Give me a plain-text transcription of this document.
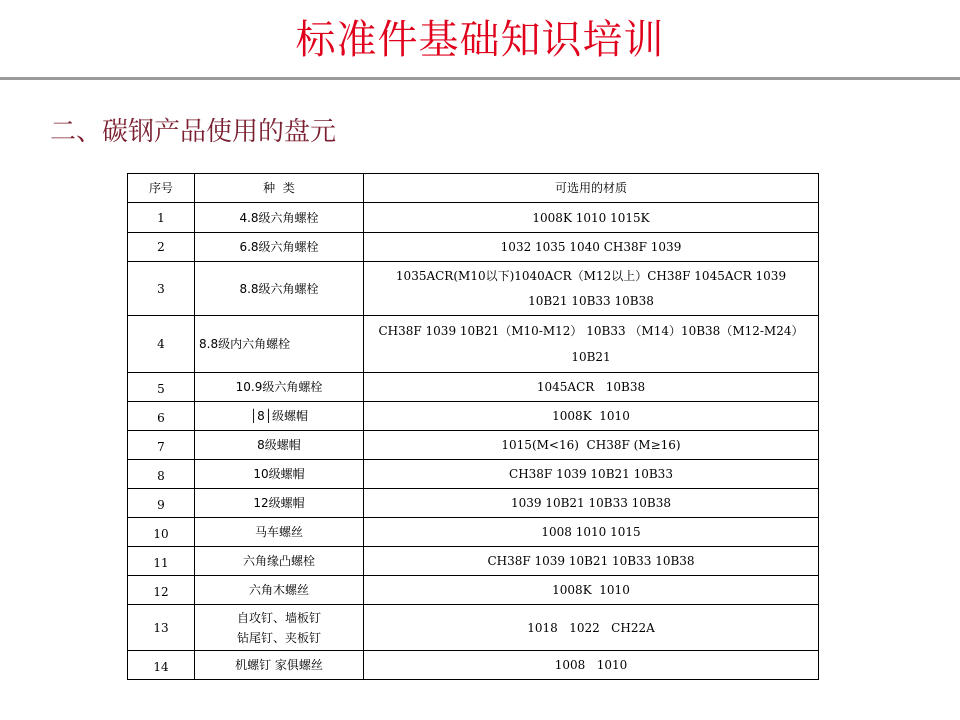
标准件基础知识培训
二、碳钢产品使用的盘元
序号	种  类	可选用的材质
1	4.8级六角螺栓	1008K 1010 1015K
2	6.8级六角螺栓	1032 1035 1040 CH38F 1039
3	8.8级六角螺栓	1035ACR(M10以下)1040ACR（M12以上）CH38F 1045ACR 1039
10B21 10B33 10B38
4	8.8级内六角螺栓	CH38F 1039 10B21（M10-M12） 10B33 （M14）10B38（M12-M24）
10B21
5	10.9级六角螺栓	1045ACR   10B38
6	│8│级螺帽	1008K  1010
7	8级螺帽	1015(M<16)  CH38F (M≥16)
8	10级螺帽	CH38F 1039 10B21 10B33
9	12级螺帽	1039 10B21 10B33 10B38
10	马车螺丝	1008 1010 1015
11	六角缘凸螺栓	CH38F 1039 10B21 10B33 10B38
12	六角木螺丝	1008K  1010
13	自攻钉、墙板钉
钻尾钉、夹板钉	1018   1022   CH22A
14	机螺钉 家俱螺丝	1008   1010
